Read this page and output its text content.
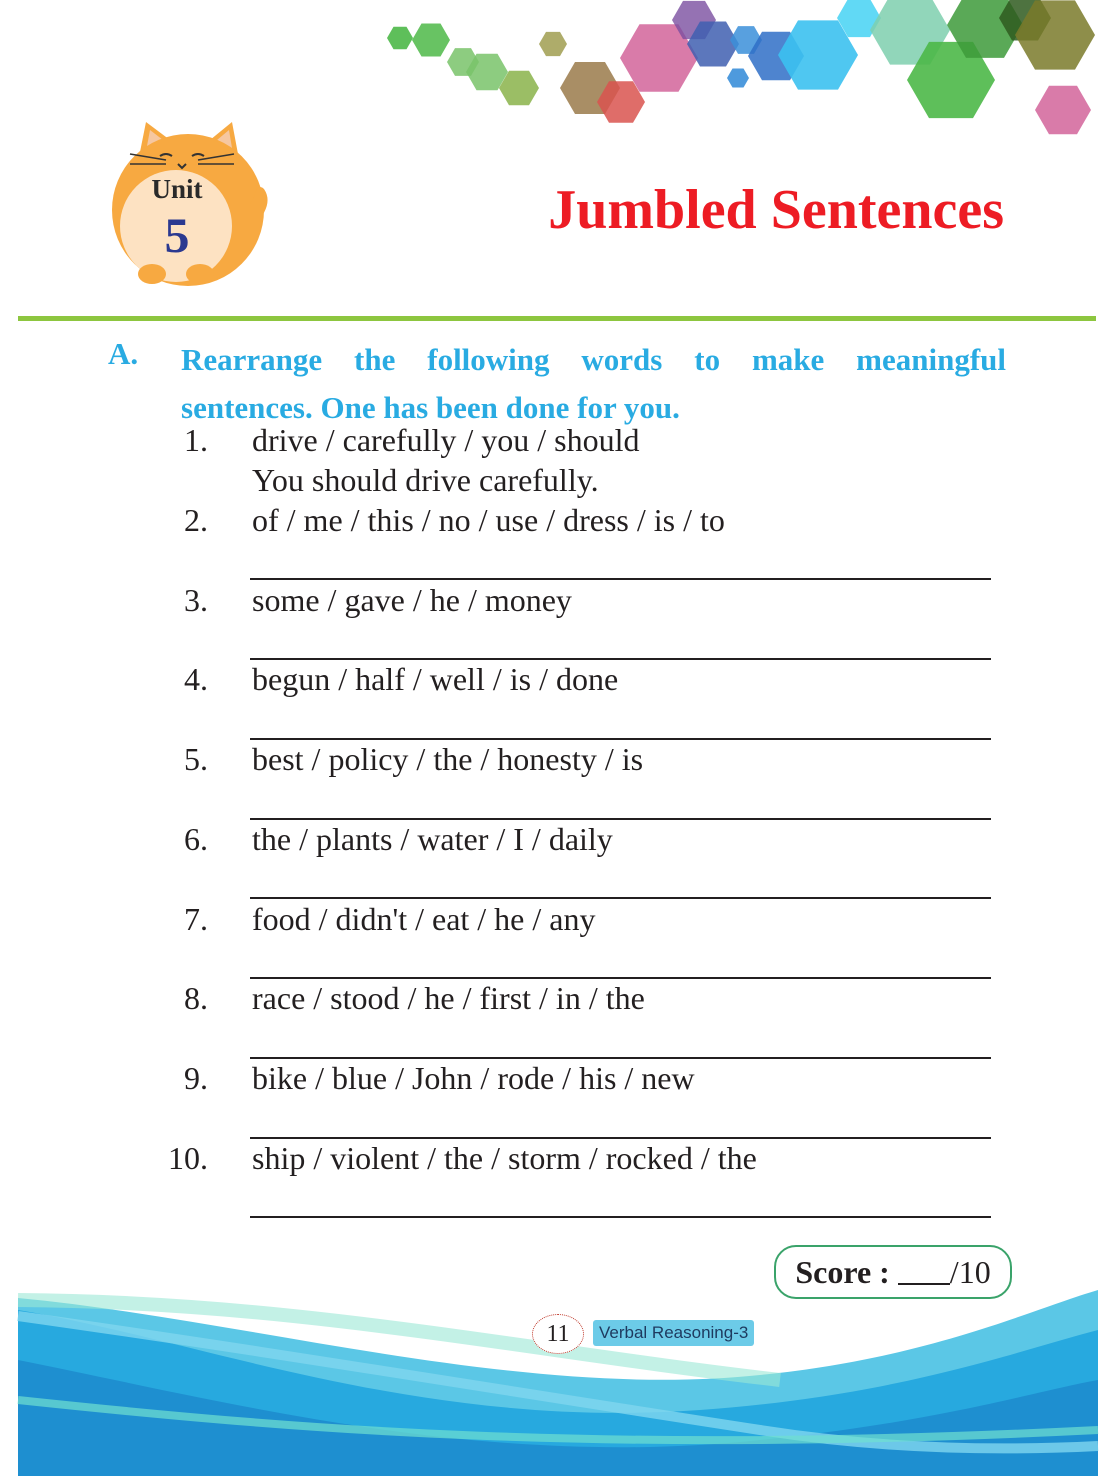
Unit
5	Jumbled Sentences
A. Rearrange the following words to make meaningful
sentences. One has been done for you.
1. drive / carefully / you / should
You should drive carefully.
2. of / me / this / no / use / dress / is / to
3. some / gave / he / money
4. begun / half / well / is / done
5. best / policy / the / honesty / is
6. the / plants / water / I / daily
7. food / didn't / eat / he / any
8. race / stood / he / first / in / the
9. bike / blue / John / rode / his / new
10. ship / violent / the / storm / rocked / the
Score : /10
11	Verbal Reasoning-3
